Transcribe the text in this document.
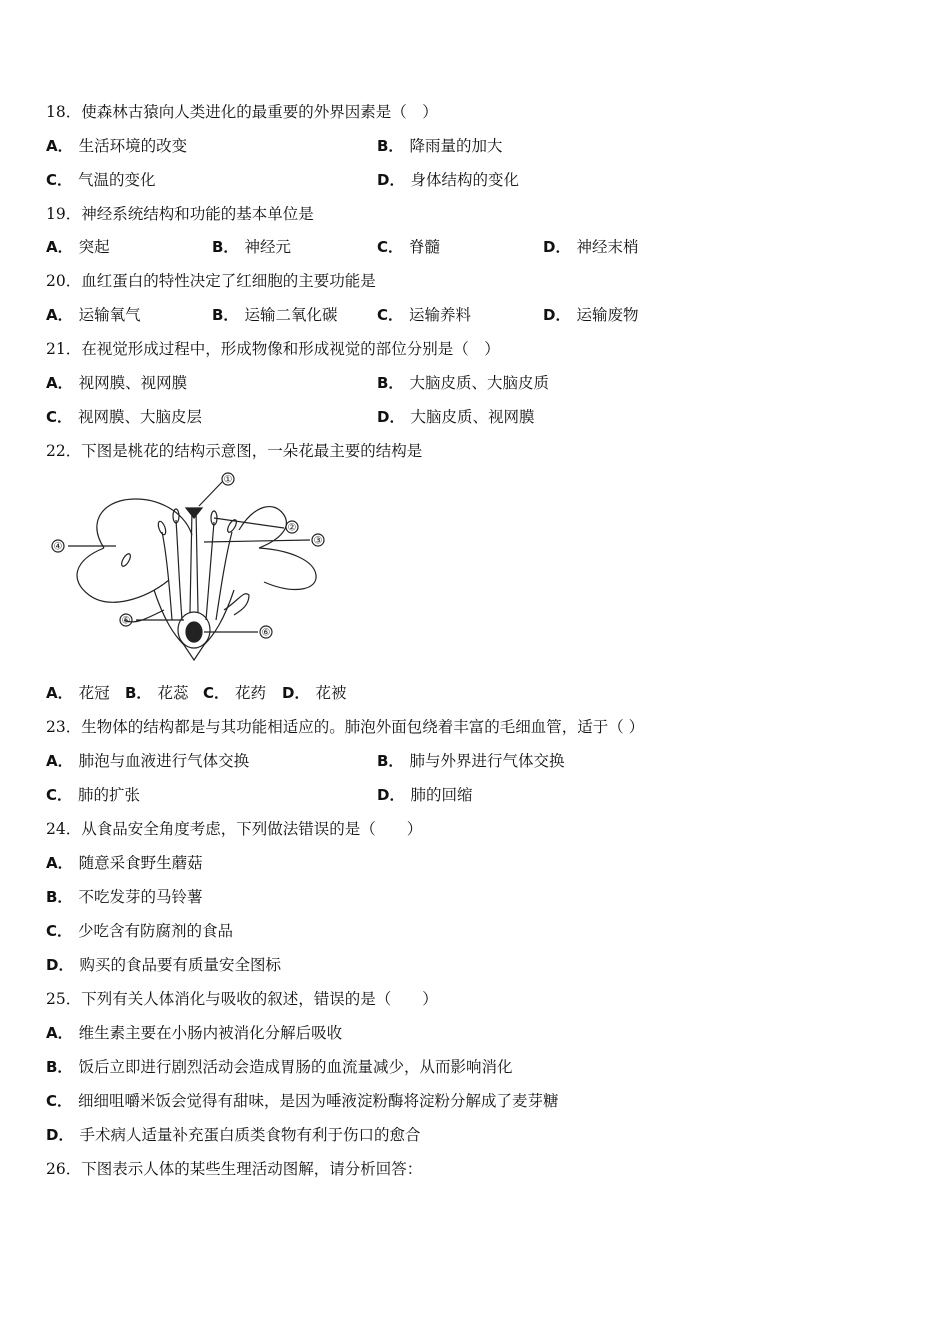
18．使森林古猿向人类进化的最重要的外界因素是（　）
A． 生活环境的改变	B． 降雨量的加大
C． 气温的变化	D． 身体结构的变化
19．神经系统结构和功能的基本单位是
A． 突起	B． 神经元	C． 脊髓	D． 神经末梢
20．血红蛋白的特性决定了红细胞的主要功能是
A． 运输氧气	B． 运输二氧化碳	C． 运输养料	D． 运输废物
21．在视觉形成过程中，形成物像和形成视觉的部位分别是（　）
A． 视网膜、视网膜	B． 大脑皮质、大脑皮质
C． 视网膜、大脑皮层	D． 大脑皮质、视网膜
22．下图是桃花的结构示意图，一朵花最主要的结构是
①
②
③
④
⑤
⑥
A． 花冠 B． 花蕊 C． 花药 D． 花被
23．生物体的结构都是与其功能相适应的。肺泡外面包绕着丰富的毛细血管，适于（ ）
A． 肺泡与血液进行气体交换	B． 肺与外界进行气体交换
C． 肺的扩张	D． 肺的回缩
24．从食品安全角度考虑，下列做法错误的是（　　）
A． 随意采食野生蘑菇
B． 不吃发芽的马铃薯
C． 少吃含有防腐剂的食品
D． 购买的食品要有质量安全图标
25．下列有关人体消化与吸收的叙述，错误的是（　　）
A． 维生素主要在小肠内被消化分解后吸收
B． 饭后立即进行剧烈活动会造成胃肠的血流量减少，从而影响消化
C． 细细咀嚼米饭会觉得有甜味，是因为唾液淀粉酶将淀粉分解成了麦芽糖
D． 手术病人适量补充蛋白质类食物有利于伤口的愈合
26．下图表示人体的某些生理活动图解，请分析回答：
